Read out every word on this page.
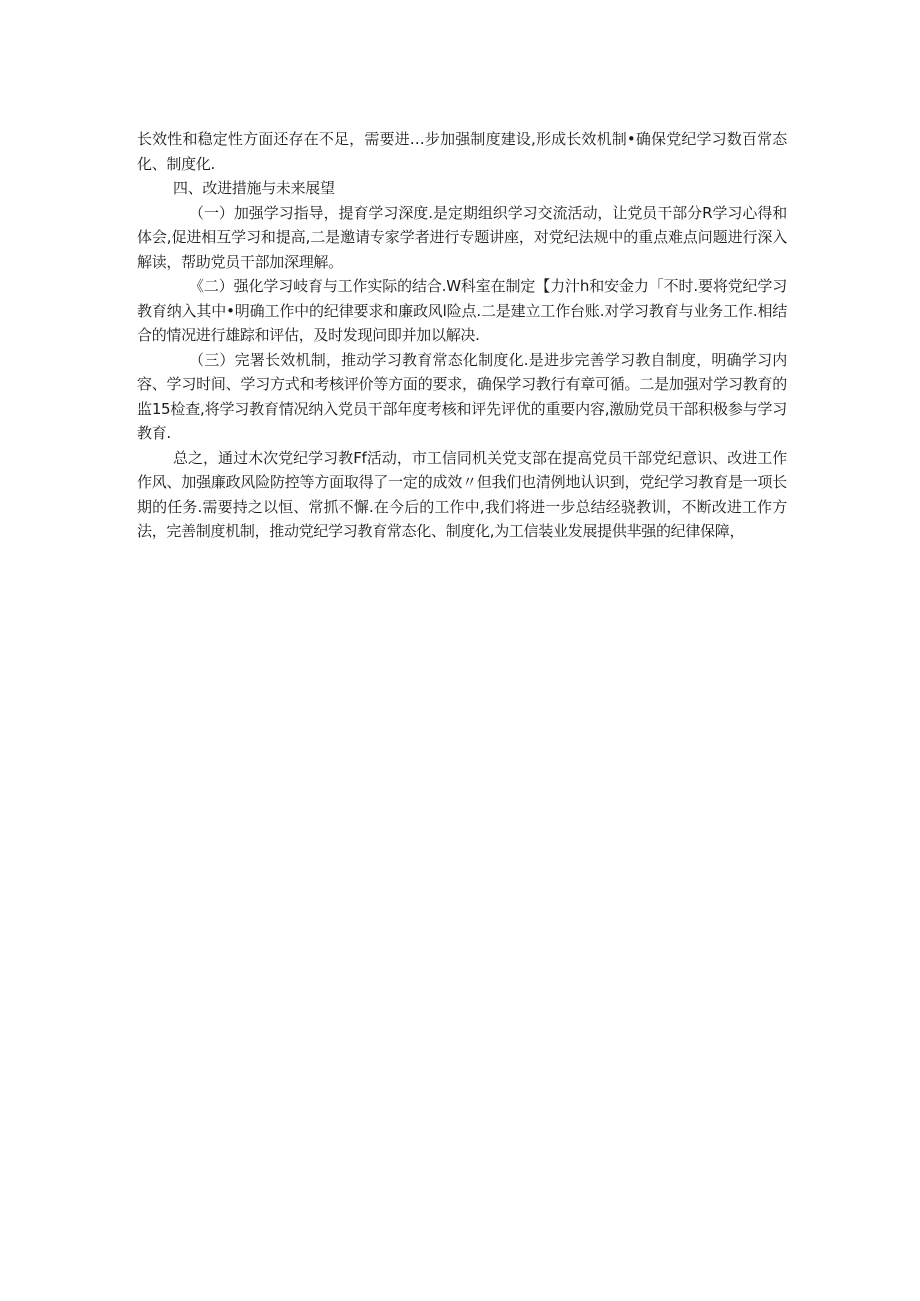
长效性和稳定性方面还存在不足，需要进…步加强制度建设,形成长效机制•确保党纪学习数百常态化、制度化.

四、改进措施与未来展望

（一）加强学习指导，提育学习深度.是定期组织学习交流活动，让党员干部分R学习心得和体会,促进相互学习和提高,二是邀请专家学者进行专题讲座，对党纪法规中的重点难点问题进行深入解读，帮助党员干部加深理解。

《二）强化学习岐育与工作实际的结合.W科室在制定【力汁h和安金力「不时.要将党纪学习教育纳入其中•明确工作中的纪律要求和廉政风l险点.二是建立工作台账.对学习教育与业务工作.相结合的情况进行雄踪和评估，及时发现问即并加以解决.

（三）完署长效机制，推动学习教育常态化制度化.是进步完善学习教自制度，明确学习内容、学习时间、学习方式和考核评价等方面的要求，确保学习教行有章可循。二是加强对学习教育的监15检查,将学习教育情况纳入党员干部年度考核和评先评优的重要内容,激励党员干部积极参与学习教育.

总之，通过木次党纪学习教Ff活动，市工信同机关党支部在提高党员干部党纪意识、改进工作作风、加强廉政风险防控等方面取得了一定的成效〃但我们也清例地认识到，党纪学习教育是一项长期的任务.需要持之以恒、常抓不懈.在今后的工作中,我们将进一步总结经骁教训，不断改进工作方法，完善制度机制，推动党纪学习教育常态化、制度化,为工信装业发展提供芈强的纪律保障，
